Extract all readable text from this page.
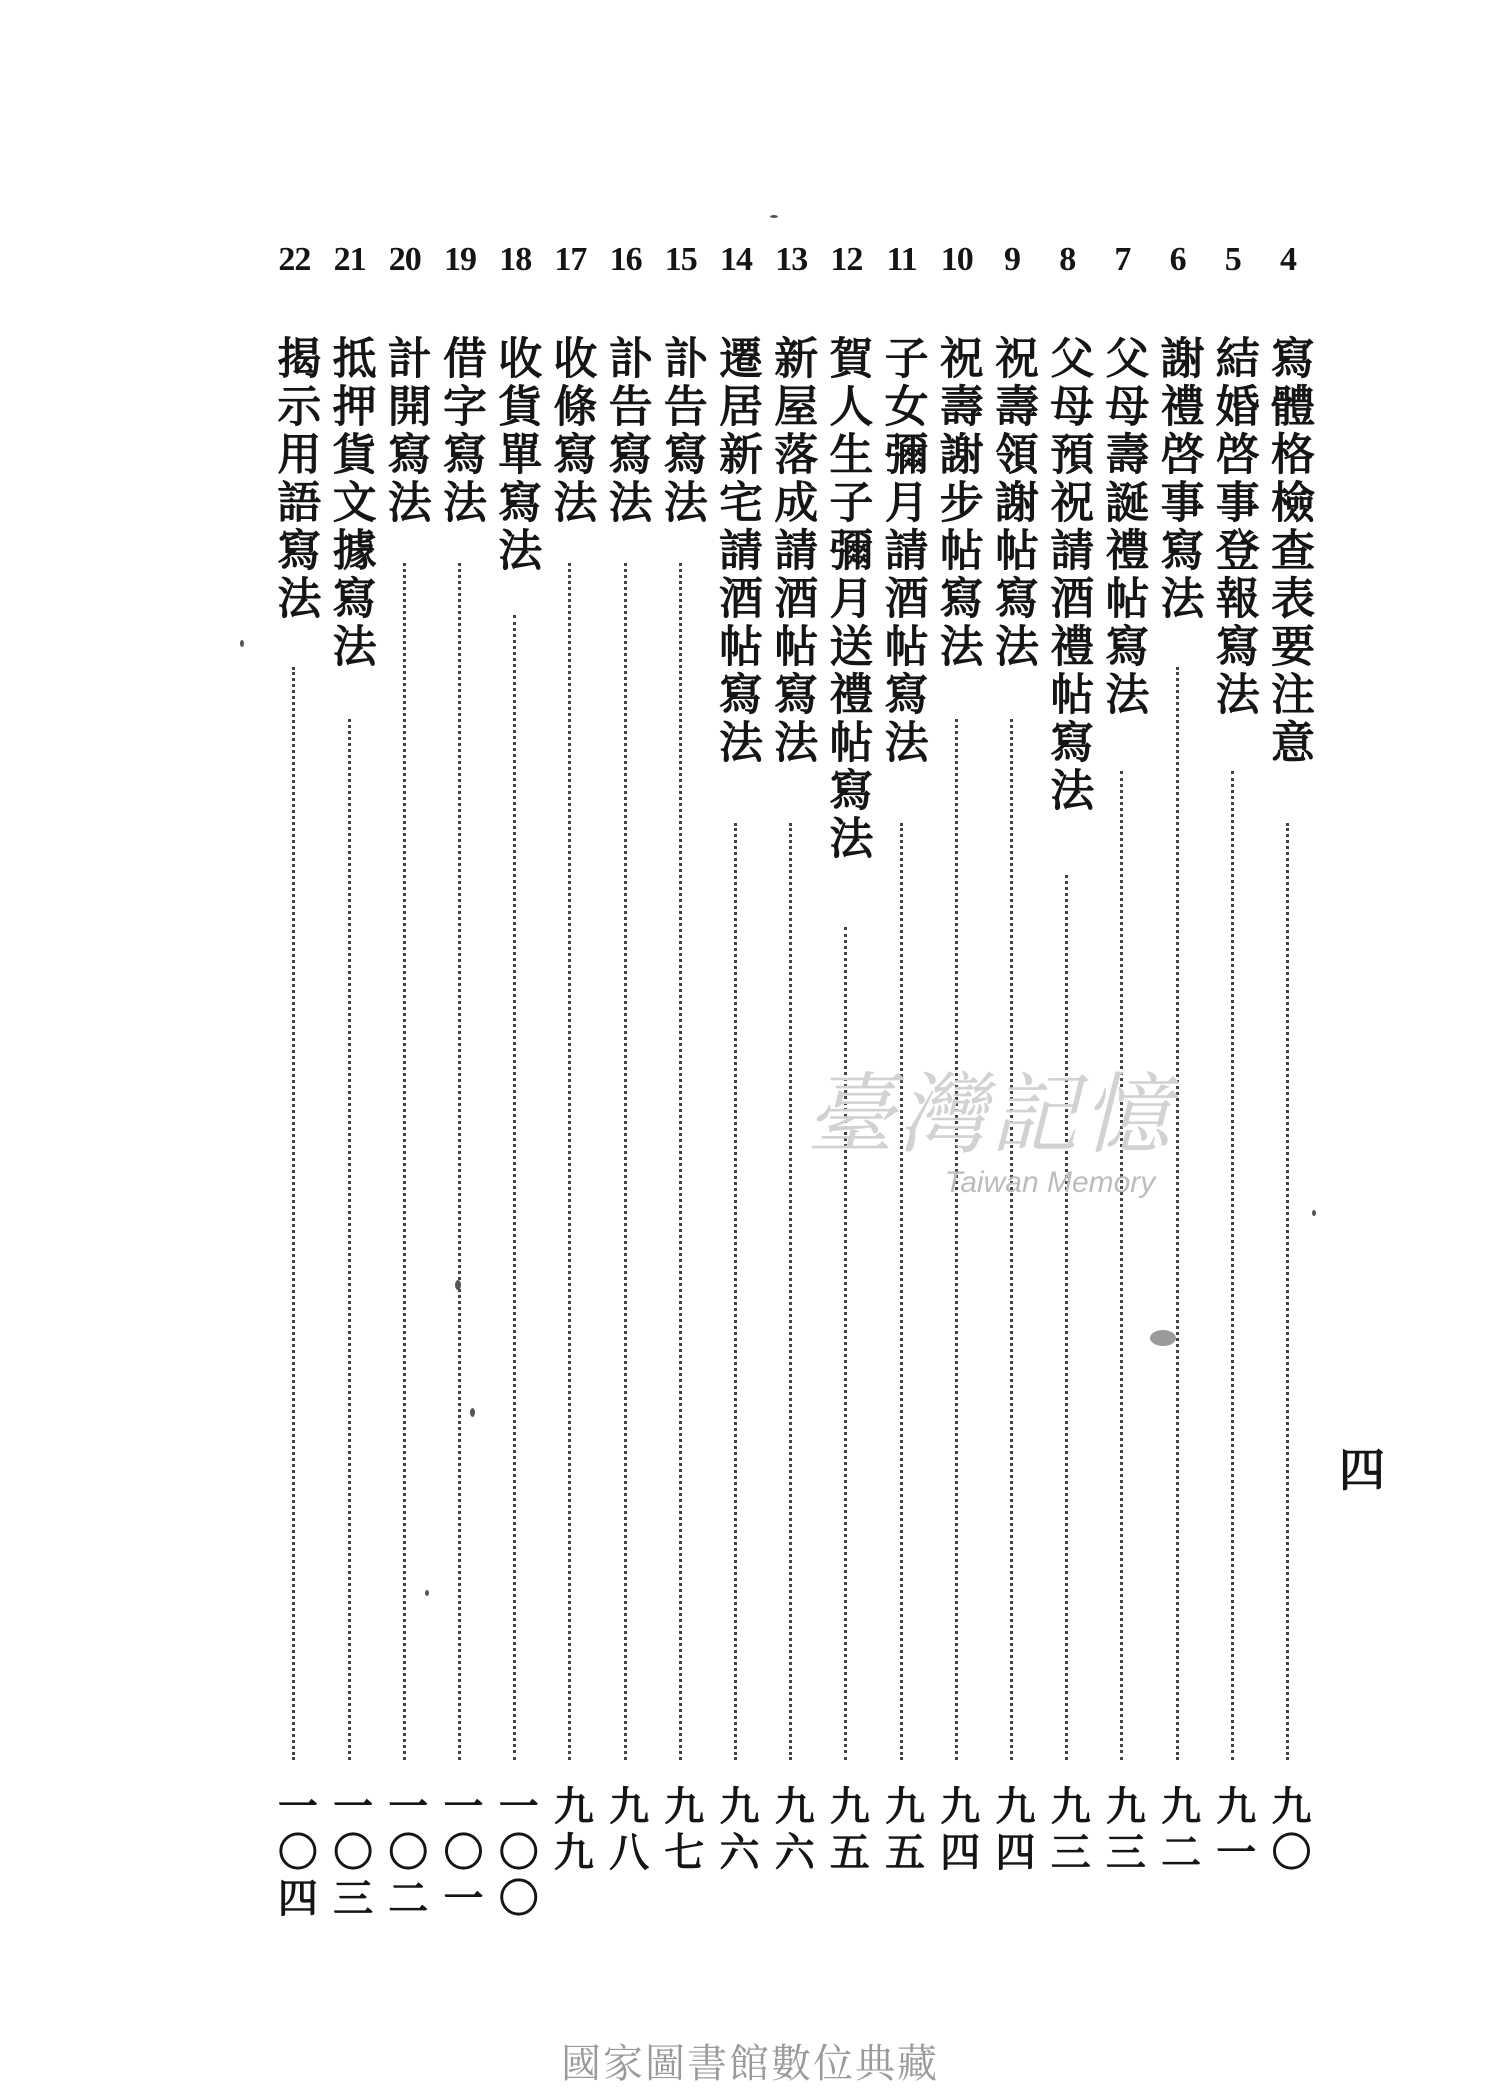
4
寫體格檢查表要注意
九〇
5
結婚啓事登報寫法
九一
6
謝禮啓事寫法
九二
7
父母壽誕禮帖寫法
九三
8
父母預祝請酒禮帖寫法
九三
9
祝壽領謝帖寫法
九四
10
祝壽謝步帖寫法
九四
11
子女彌月請酒帖寫法
九五
12
賀人生子彌月送禮帖寫法
九五
13
新屋落成請酒帖寫法
九六
14
遷居新宅請酒帖寫法
九六
15
訃告寫法
九七
16
訃告寫法
九八
17
收條寫法
九九
18
收貨單寫法
一〇〇
19
借字寫法
一〇一
20
計開寫法
一〇二
21
抵押貨文據寫法
一〇三
22
揭示用語寫法
一〇四
四
臺灣記憶
Taiwan Memory
國家圖書館數位典藏
